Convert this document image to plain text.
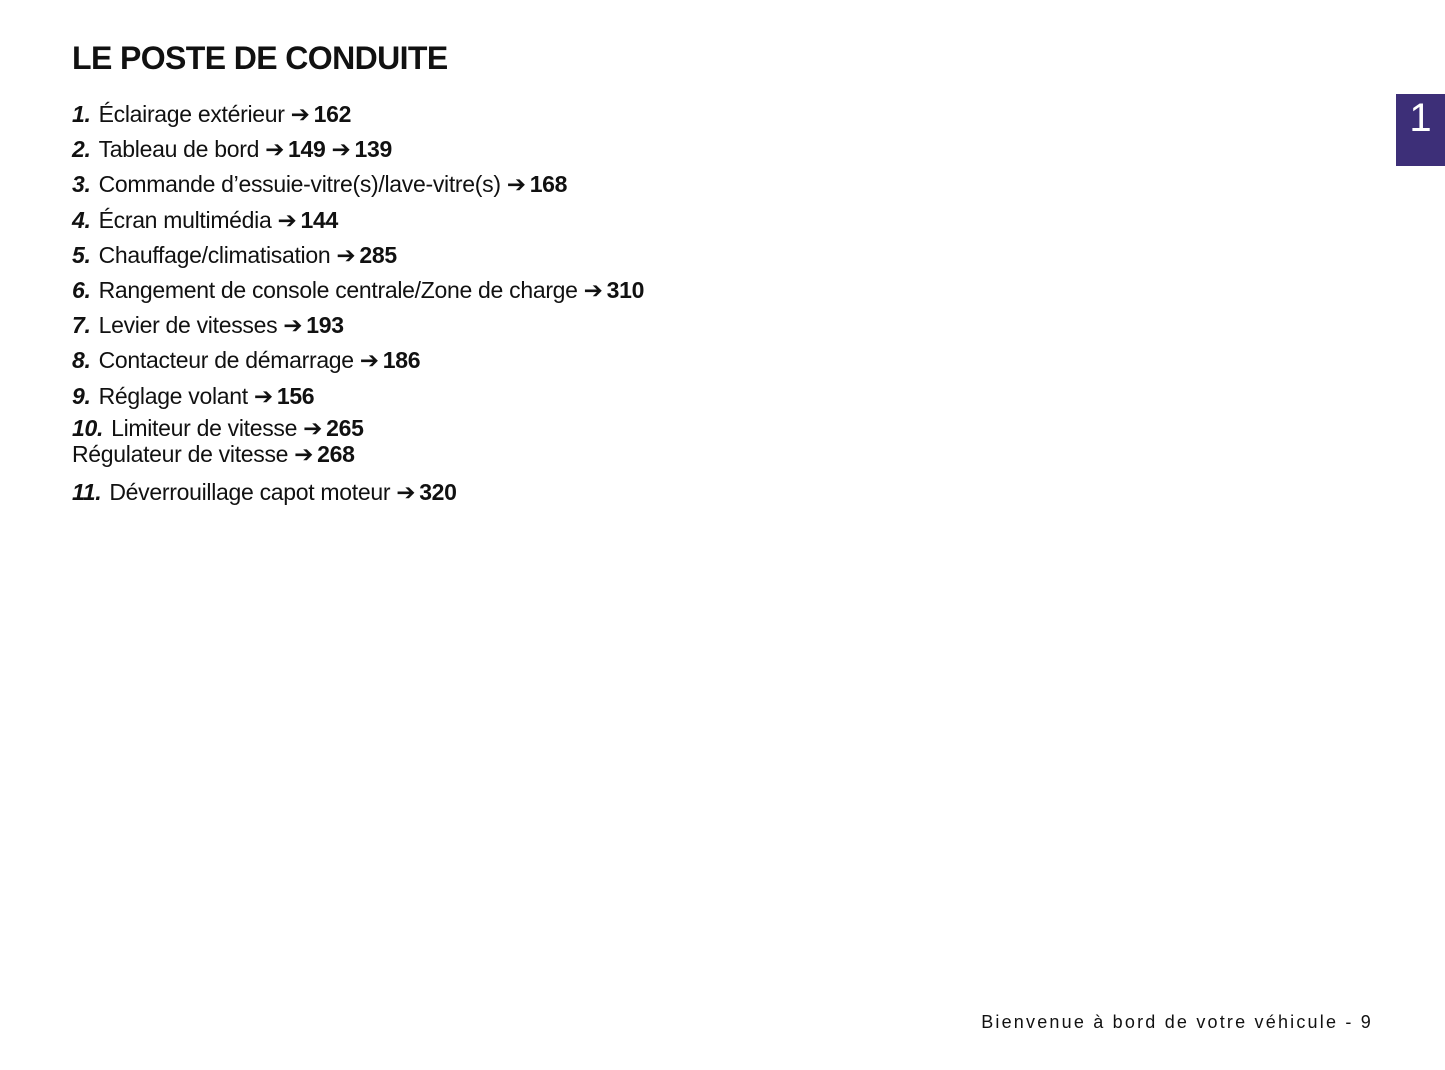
LE POSTE DE CONDUITE
1
1. Éclairage extérieur ➔ 162
2. Tableau de bord ➔ 149 ➔ 139
3. Commande d’essuie-vitre(s)/lave-vitre(s) ➔ 168
4. Écran multimédia ➔ 144
5. Chauffage/climatisation ➔ 285
6. Rangement de console centrale/Zone de charge ➔ 310
7. Levier de vitesses ➔ 193
8. Contacteur de démarrage ➔ 186
9. Réglage volant ➔ 156
10. Limiteur de vitesse ➔ 265
Régulateur de vitesse ➔ 268
11. Déverrouillage capot moteur ➔ 320
Bienvenue à bord de votre véhicule - 9
